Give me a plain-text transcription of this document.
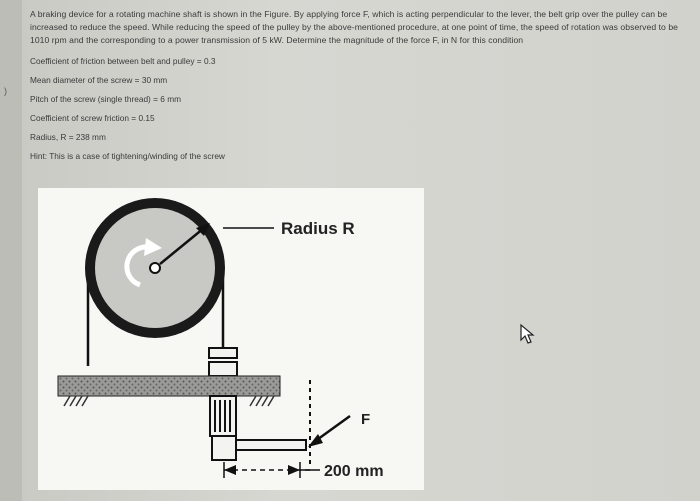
)

A braking device for a rotating machine shaft is shown in the Figure. By applying force F, which is acting perpendicular to the lever, the belt grip over the pulley can be increased to reduce the speed. While reducing the speed of the pulley by the above-mentioned procedure, at one point of time, the speed of rotation was observed to be 1010 rpm and the corresponding to a power transmission of 5 kW. Determine the magnitude of the force F, in N for this condition

Coefficient of friction between belt and pulley = 0.3

Mean diameter of the screw = 30 mm

Pitch of the screw (single thread) = 6 mm

Coefficient of screw friction = 0.15

Radius, R = 238 mm

Hint: This is a case of tightening/winding of the screw

Radius R
F
200 mm
